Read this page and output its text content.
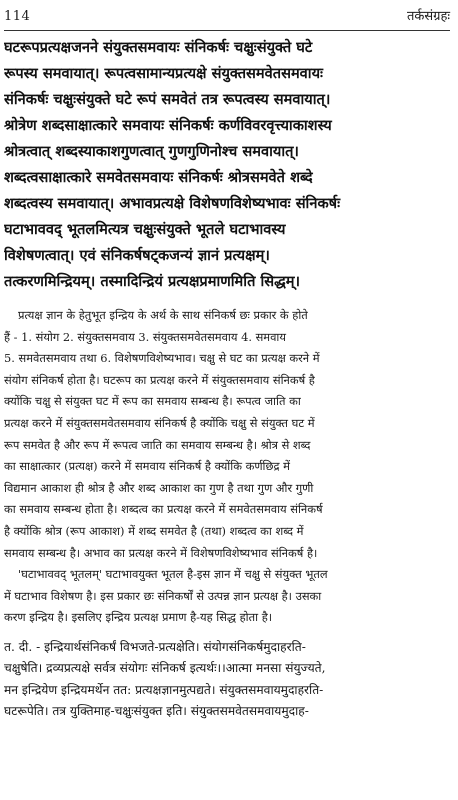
114	तर्कसंग्रहः
घटरूपप्रत्यक्षजनने संयुक्तसमवायः संनिकर्षः चक्षुःसंयुक्ते घटे
रूपस्य समवायात्। रूपत्वसामान्यप्रत्यक्षे संयुक्तसमवेतसमवायः
संनिकर्षः चक्षुःसंयुक्ते घटे रूपं समवेतं तत्र रूपत्वस्य समवायात्।
श्रोत्रेण शब्दसाक्षात्कारे समवायः संनिकर्षः कर्णविवरवृत्त्याकाशस्य
श्रोत्रत्वात् शब्दस्याकाशगुणत्वात् गुणगुणिनोश्च समवायात्।
शब्दत्वसाक्षात्कारे समवेतसमवायः संनिकर्षः श्रोत्रसमवेते शब्दे
शब्दत्वस्य समवायात्। अभावप्रत्यक्षे विशेषणविशेष्यभावः संनिकर्षः
घटाभाववद् भूतलमित्यत्र चक्षुःसंयुक्ते भूतले घटाभावस्य
विशेषणत्वात्। एवं संनिकर्षषट्कजन्यं ज्ञानं प्रत्यक्षम्।
तत्करणमिन्द्रियम्। तस्मादिन्द्रियं प्रत्यक्षप्रमाणमिति सिद्धम्।
प्रत्यक्ष ज्ञान के हेतुभूत इन्द्रिय के अर्थ के साथ संनिकर्ष छः प्रकार के होते
हैं - 1. संयोग 2. संयुक्तसमवाय 3. संयुक्तसमवेतसमवाय 4. समवाय
5. समवेतसमवाय तथा 6. विशेषणविशेष्यभाव। चक्षु से घट का प्रत्यक्ष करने में
संयोग संनिकर्ष होता है। घटरूप का प्रत्यक्ष करने में संयुक्तसमवाय संनिकर्ष है
क्योंकि चक्षु से संयुक्त घट में रूप का समवाय सम्बन्ध है। रूपत्व जाति का
प्रत्यक्ष करने में संयुक्तसमवेतसमवाय संनिकर्ष है क्योंकि चक्षु से संयुक्त घट में
रूप समवेत है और रूप में रूपत्व जाति का समवाय सम्बन्ध है। श्रोत्र से शब्द
का साक्षात्कार (प्रत्यक्ष) करने में समवाय संनिकर्ष है क्योंकि कर्णछिद्र में
विद्यमान आकाश ही श्रोत्र है और शब्द आकाश का गुण है तथा गुण और गुणी
का समवाय सम्बन्ध होता है। शब्दत्व का प्रत्यक्ष करने में समवेतसमवाय संनिकर्ष
है क्योंकि श्रोत्र (रूप आकाश) में शब्द समवेत है (तथा) शब्दत्व का शब्द में
समवाय सम्बन्ध है। अभाव का प्रत्यक्ष करने में विशेषणविशेष्यभाव संनिकर्ष है।
'घटाभाववद् भूतलम्' घटाभावयुक्त भूतल है-इस ज्ञान में चक्षु से संयुक्त भूतल
में घटाभाव विशेषण है। इस प्रकार छः संनिकर्षों से उत्पन्न ज्ञान प्रत्यक्ष है। उसका
करण इन्द्रिय है। इसलिए इन्द्रिय प्रत्यक्ष प्रमाण है-यह सिद्ध होता है।
त. दी. - इन्द्रियार्थसंनिकर्षं विभजते-प्रत्यक्षेति। संयोगसंनिकर्षमुदाहरति-
चक्षुषेति। द्रव्यप्रत्यक्षे सर्वत्र संयोगः संनिकर्ष इत्यर्थः।।आत्मा मनसा संयुज्यते,
मन इन्द्रियेण इन्द्रियमर्थेन तत: प्रत्यक्षज्ञानमुत्पद्यते। संयुक्तसमवायमुदाहरति-
घटरूपेति। तत्र युक्तिमाह-चक्षुःसंयुक्त इति। संयुक्तसमवेतसमवायमुदाह-
